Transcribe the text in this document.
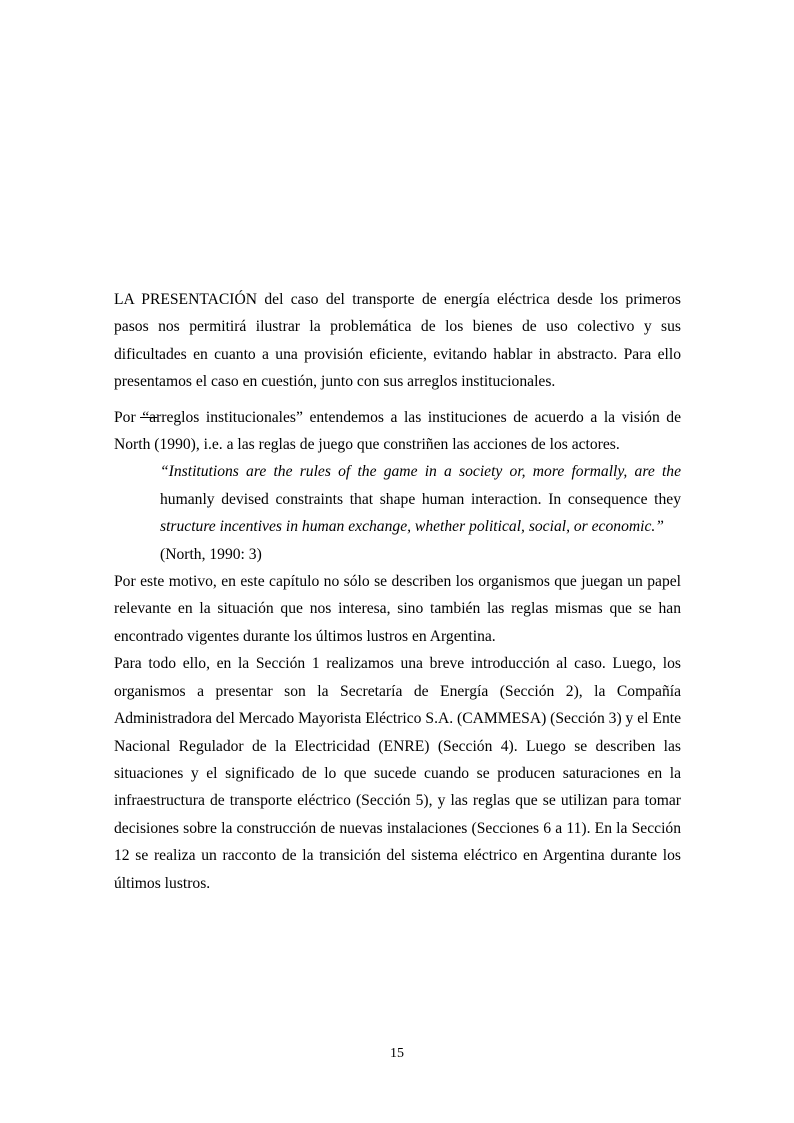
LA PRESENTACIÓN del caso del transporte de energía eléctrica desde los primeros pasos nos permitirá ilustrar la problemática de los bienes de uso colectivo y sus dificultades en cuanto a una provisión eficiente, evitando hablar in abstracto. Para ello presentamos el caso en cuestión, junto con sus arreglos institucionales.

Por “arreglos institucionales” entendemos a las instituciones de acuerdo a la visión de North (1990), i.e. a las reglas de juego que constriñen las acciones de los actores.

“Institutions are the rules of the game in a society or, more formally, are the humanly devised constraints that shape human interaction. In consequence they structure incentives in human exchange, whether political, social, or economic.”
(North, 1990: 3)

Por este motivo, en este capítulo no sólo se describen los organismos que juegan un papel relevante en la situación que nos interesa, sino también las reglas mismas que se han encontrado vigentes durante los últimos lustros en Argentina.

Para todo ello, en la Sección 1 realizamos una breve introducción al caso. Luego, los organismos a presentar son la Secretaría de Energía (Sección 2), la Compañía Administradora del Mercado Mayorista Eléctrico S.A. (CAMMESA) (Sección 3) y el Ente Nacional Regulador de la Electricidad (ENRE) (Sección 4). Luego se describen las situaciones y el significado de lo que sucede cuando se producen saturaciones en la infraestructura de transporte eléctrico (Sección 5), y las reglas que se utilizan para tomar decisiones sobre la construcción de nuevas instalaciones (Secciones 6 a 11). En la Sección 12 se realiza un racconto de la transición del sistema eléctrico en Argentina durante los últimos lustros.

15
